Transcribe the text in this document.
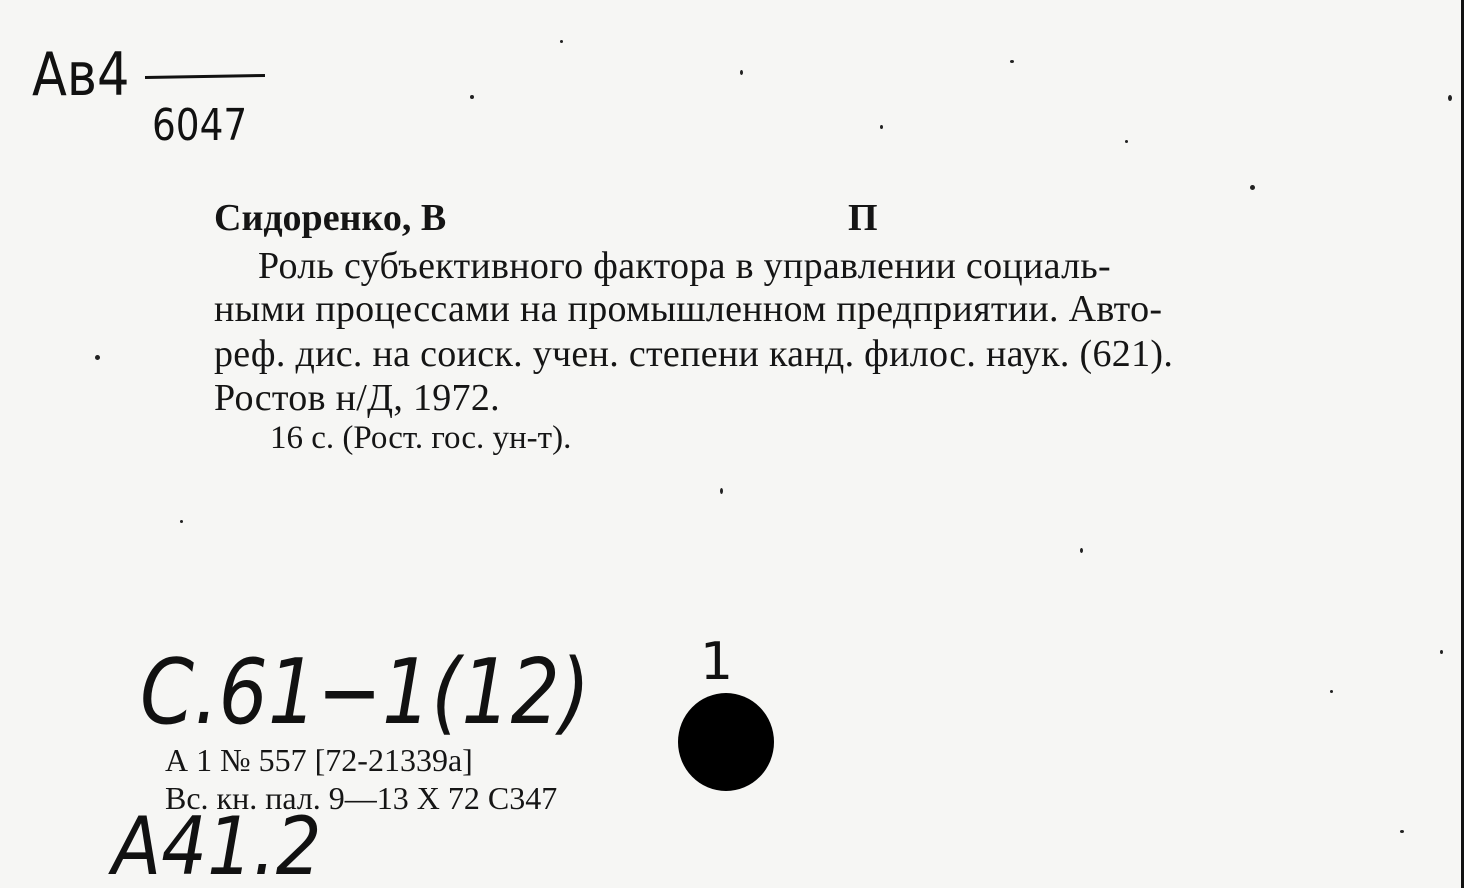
Ав4
6047
Сидоренко, В	П
Роль субъективного фактора в управлении социаль-
ными процессами на промышленном предприятии. Авто-
реф. дис. на соиск. учен. степени канд. филос. наук. (621).
Ростов н/Д, 1972.
16 с. (Рост. гос. ун-т).
С.61−1(12) 1
А 1 № 557 [72-21339а]
Вс. кн. пал. 9—13 Х 72 С347
А41.2
